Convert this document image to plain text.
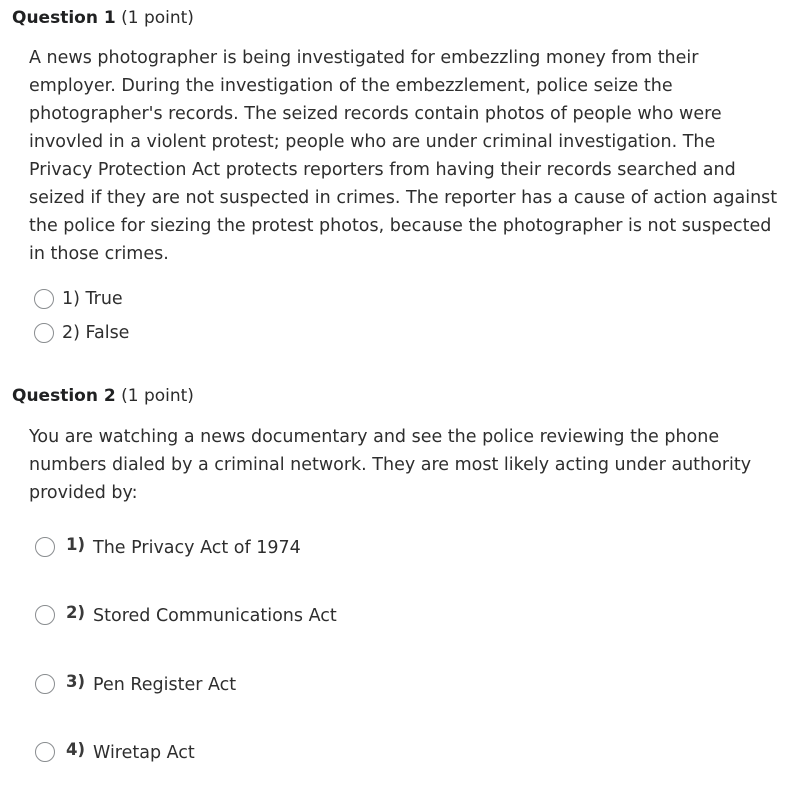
Question 1 (1 point)
A news photographer is being investigated for embezzling money from their
employer. During the investigation of the embezzlement, police seize the
photographer's records. The seized records contain photos of people who were
invovled in a violent protest; people who are under criminal investigation. The
Privacy Protection Act protects reporters from having their records searched and
seized if they are not suspected in crimes. The reporter has a cause of action against
the police for siezing the protest photos, because the photographer is not suspected
in those crimes.
1) True
2) False
Question 2 (1 point)
You are watching a news documentary and see the police reviewing the phone
numbers dialed by a criminal network. They are most likely acting under authority
provided by:
1) The Privacy Act of 1974
2) Stored Communications Act
3) Pen Register Act
4) Wiretap Act
